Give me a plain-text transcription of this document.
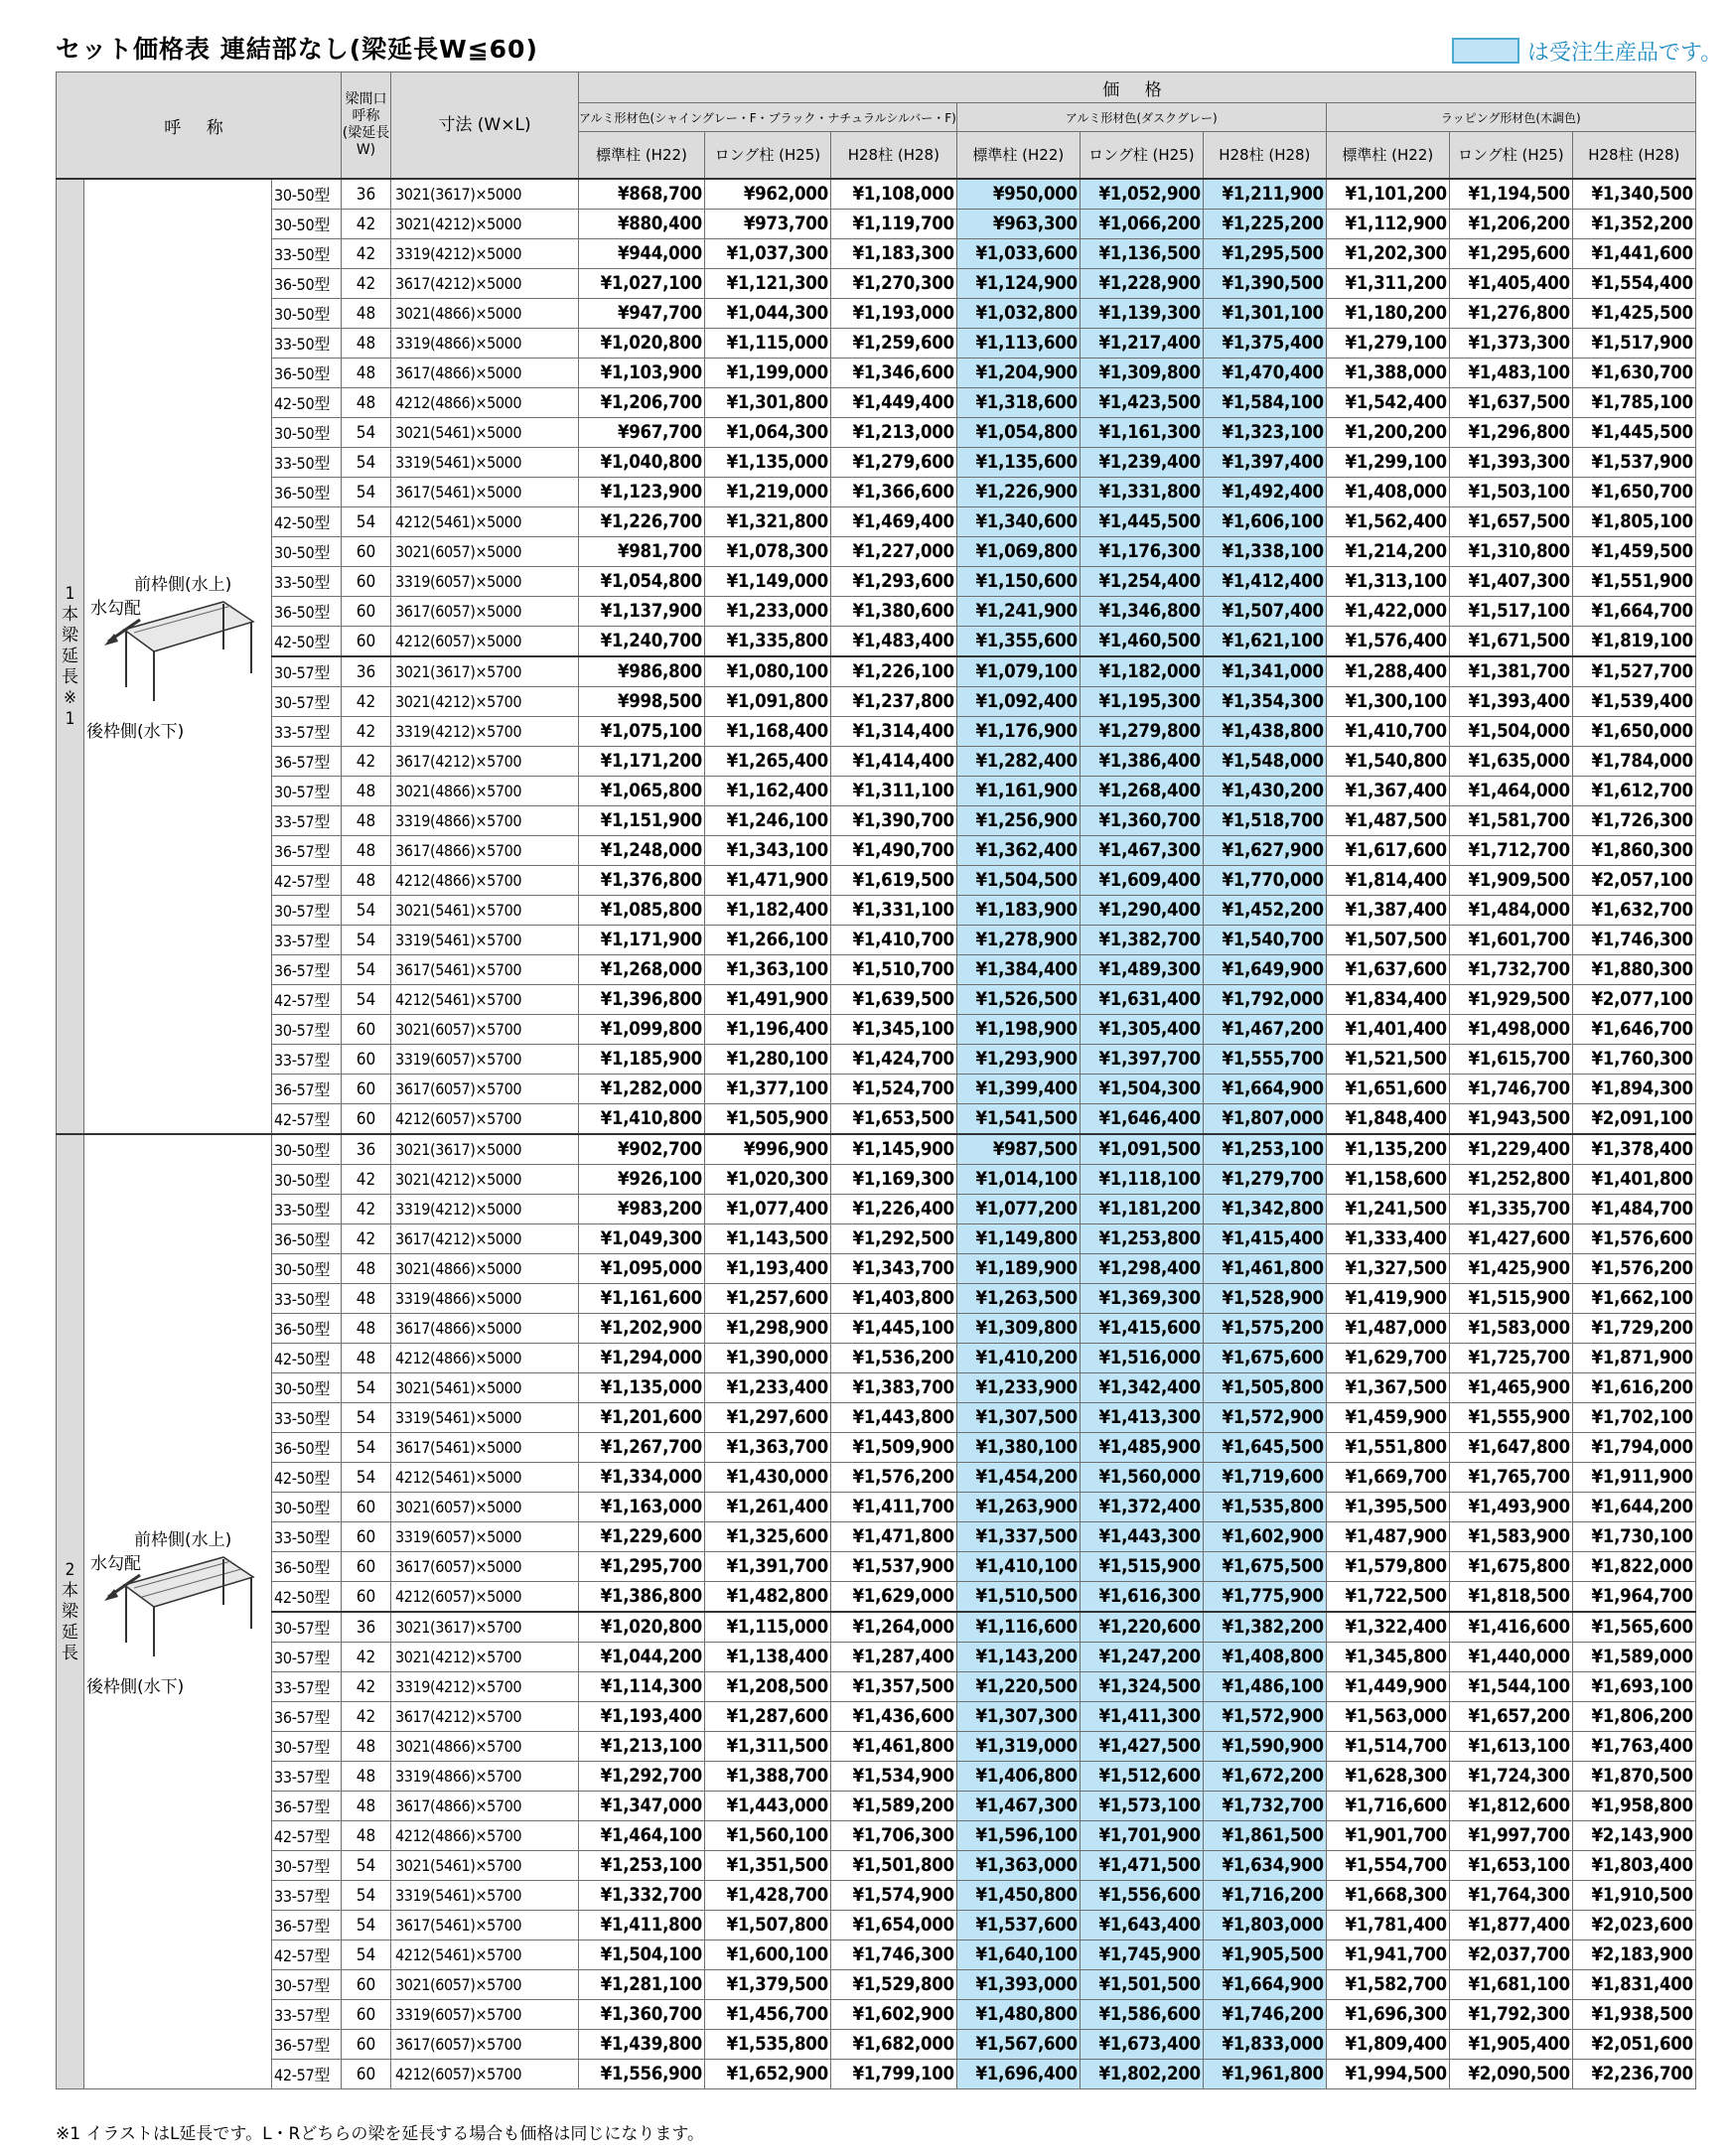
セット価格表 連結部なし(梁延長W≦60)	は受注生産品です。
呼 称			梁間口 呼称 (梁延長W)	寸法 (W×L)	価 格								
					アルミ形材色(シャイングレー・F・ブラック・ナチュラルシルバー・F)			アルミ形材色(ダスクグレー)			ラッピング形材色(木調色)		
					標準柱 (H22)	ロング柱 (H25)	H28柱 (H28)	標準柱 (H22)	ロング柱 (H25)	H28柱 (H28)	標準柱 (H22)	ロング柱 (H25)	H28柱 (H28)

1本梁延長※1	前枠側(水上)
水勾配
後枠側(水下)	30-50型	36	3021(3617)×5000	¥868,700	¥962,000	¥1,108,000	¥950,000	¥1,052,900	¥1,211,900	¥1,101,200	¥1,194,500	¥1,340,500
		30-50型	42	3021(4212)×5000	¥880,400	¥973,700	¥1,119,700	¥963,300	¥1,066,200	¥1,225,200	¥1,112,900	¥1,206,200	¥1,352,200
		33-50型	42	3319(4212)×5000	¥944,000	¥1,037,300	¥1,183,300	¥1,033,600	¥1,136,500	¥1,295,500	¥1,202,300	¥1,295,600	¥1,441,600
		36-50型	42	3617(4212)×5000	¥1,027,100	¥1,121,300	¥1,270,300	¥1,124,900	¥1,228,900	¥1,390,500	¥1,311,200	¥1,405,400	¥1,554,400
		30-50型	48	3021(4866)×5000	¥947,700	¥1,044,300	¥1,193,000	¥1,032,800	¥1,139,300	¥1,301,100	¥1,180,200	¥1,276,800	¥1,425,500
		33-50型	48	3319(4866)×5000	¥1,020,800	¥1,115,000	¥1,259,600	¥1,113,600	¥1,217,400	¥1,375,400	¥1,279,100	¥1,373,300	¥1,517,900
		36-50型	48	3617(4866)×5000	¥1,103,900	¥1,199,000	¥1,346,600	¥1,204,900	¥1,309,800	¥1,470,400	¥1,388,000	¥1,483,100	¥1,630,700
		42-50型	48	4212(4866)×5000	¥1,206,700	¥1,301,800	¥1,449,400	¥1,318,600	¥1,423,500	¥1,584,100	¥1,542,400	¥1,637,500	¥1,785,100
		30-50型	54	3021(5461)×5000	¥967,700	¥1,064,300	¥1,213,000	¥1,054,800	¥1,161,300	¥1,323,100	¥1,200,200	¥1,296,800	¥1,445,500
		33-50型	54	3319(5461)×5000	¥1,040,800	¥1,135,000	¥1,279,600	¥1,135,600	¥1,239,400	¥1,397,400	¥1,299,100	¥1,393,300	¥1,537,900
		36-50型	54	3617(5461)×5000	¥1,123,900	¥1,219,000	¥1,366,600	¥1,226,900	¥1,331,800	¥1,492,400	¥1,408,000	¥1,503,100	¥1,650,700
		42-50型	54	4212(5461)×5000	¥1,226,700	¥1,321,800	¥1,469,400	¥1,340,600	¥1,445,500	¥1,606,100	¥1,562,400	¥1,657,500	¥1,805,100
		30-50型	60	3021(6057)×5000	¥981,700	¥1,078,300	¥1,227,000	¥1,069,800	¥1,176,300	¥1,338,100	¥1,214,200	¥1,310,800	¥1,459,500
		33-50型	60	3319(6057)×5000	¥1,054,800	¥1,149,000	¥1,293,600	¥1,150,600	¥1,254,400	¥1,412,400	¥1,313,100	¥1,407,300	¥1,551,900
		36-50型	60	3617(6057)×5000	¥1,137,900	¥1,233,000	¥1,380,600	¥1,241,900	¥1,346,800	¥1,507,400	¥1,422,000	¥1,517,100	¥1,664,700
		42-50型	60	4212(6057)×5000	¥1,240,700	¥1,335,800	¥1,483,400	¥1,355,600	¥1,460,500	¥1,621,100	¥1,576,400	¥1,671,500	¥1,819,100
		30-57型	36	3021(3617)×5700	¥986,800	¥1,080,100	¥1,226,100	¥1,079,100	¥1,182,000	¥1,341,000	¥1,288,400	¥1,381,700	¥1,527,700
		30-57型	42	3021(4212)×5700	¥998,500	¥1,091,800	¥1,237,800	¥1,092,400	¥1,195,300	¥1,354,300	¥1,300,100	¥1,393,400	¥1,539,400
		33-57型	42	3319(4212)×5700	¥1,075,100	¥1,168,400	¥1,314,400	¥1,176,900	¥1,279,800	¥1,438,800	¥1,410,700	¥1,504,000	¥1,650,000
		36-57型	42	3617(4212)×5700	¥1,171,200	¥1,265,400	¥1,414,400	¥1,282,400	¥1,386,400	¥1,548,000	¥1,540,800	¥1,635,000	¥1,784,000
		30-57型	48	3021(4866)×5700	¥1,065,800	¥1,162,400	¥1,311,100	¥1,161,900	¥1,268,400	¥1,430,200	¥1,367,400	¥1,464,000	¥1,612,700
		33-57型	48	3319(4866)×5700	¥1,151,900	¥1,246,100	¥1,390,700	¥1,256,900	¥1,360,700	¥1,518,700	¥1,487,500	¥1,581,700	¥1,726,300
		36-57型	48	3617(4866)×5700	¥1,248,000	¥1,343,100	¥1,490,700	¥1,362,400	¥1,467,300	¥1,627,900	¥1,617,600	¥1,712,700	¥1,860,300
		42-57型	48	4212(4866)×5700	¥1,376,800	¥1,471,900	¥1,619,500	¥1,504,500	¥1,609,400	¥1,770,000	¥1,814,400	¥1,909,500	¥2,057,100
		30-57型	54	3021(5461)×5700	¥1,085,800	¥1,182,400	¥1,331,100	¥1,183,900	¥1,290,400	¥1,452,200	¥1,387,400	¥1,484,000	¥1,632,700
		33-57型	54	3319(5461)×5700	¥1,171,900	¥1,266,100	¥1,410,700	¥1,278,900	¥1,382,700	¥1,540,700	¥1,507,500	¥1,601,700	¥1,746,300
		36-57型	54	3617(5461)×5700	¥1,268,000	¥1,363,100	¥1,510,700	¥1,384,400	¥1,489,300	¥1,649,900	¥1,637,600	¥1,732,700	¥1,880,300
		42-57型	54	4212(5461)×5700	¥1,396,800	¥1,491,900	¥1,639,500	¥1,526,500	¥1,631,400	¥1,792,000	¥1,834,400	¥1,929,500	¥2,077,100
		30-57型	60	3021(6057)×5700	¥1,099,800	¥1,196,400	¥1,345,100	¥1,198,900	¥1,305,400	¥1,467,200	¥1,401,400	¥1,498,000	¥1,646,700
		33-57型	60	3319(6057)×5700	¥1,185,900	¥1,280,100	¥1,424,700	¥1,293,900	¥1,397,700	¥1,555,700	¥1,521,500	¥1,615,700	¥1,760,300
		36-57型	60	3617(6057)×5700	¥1,282,000	¥1,377,100	¥1,524,700	¥1,399,400	¥1,504,300	¥1,664,900	¥1,651,600	¥1,746,700	¥1,894,300
		42-57型	60	4212(6057)×5700	¥1,410,800	¥1,505,900	¥1,653,500	¥1,541,500	¥1,646,400	¥1,807,000	¥1,848,400	¥1,943,500	¥2,091,100

2本梁延長	前枠側(水上)
水勾配
後枠側(水下)	30-50型	36	3021(3617)×5000	¥902,700	¥996,900	¥1,145,900	¥987,500	¥1,091,500	¥1,253,100	¥1,135,200	¥1,229,400	¥1,378,400
		30-50型	42	3021(4212)×5000	¥926,100	¥1,020,300	¥1,169,300	¥1,014,100	¥1,118,100	¥1,279,700	¥1,158,600	¥1,252,800	¥1,401,800
		33-50型	42	3319(4212)×5000	¥983,200	¥1,077,400	¥1,226,400	¥1,077,200	¥1,181,200	¥1,342,800	¥1,241,500	¥1,335,700	¥1,484,700
		36-50型	42	3617(4212)×5000	¥1,049,300	¥1,143,500	¥1,292,500	¥1,149,800	¥1,253,800	¥1,415,400	¥1,333,400	¥1,427,600	¥1,576,600
		30-50型	48	3021(4866)×5000	¥1,095,000	¥1,193,400	¥1,343,700	¥1,189,900	¥1,298,400	¥1,461,800	¥1,327,500	¥1,425,900	¥1,576,200
		33-50型	48	3319(4866)×5000	¥1,161,600	¥1,257,600	¥1,403,800	¥1,263,500	¥1,369,300	¥1,528,900	¥1,419,900	¥1,515,900	¥1,662,100
		36-50型	48	3617(4866)×5000	¥1,202,900	¥1,298,900	¥1,445,100	¥1,309,800	¥1,415,600	¥1,575,200	¥1,487,000	¥1,583,000	¥1,729,200
		42-50型	48	4212(4866)×5000	¥1,294,000	¥1,390,000	¥1,536,200	¥1,410,200	¥1,516,000	¥1,675,600	¥1,629,700	¥1,725,700	¥1,871,900
		30-50型	54	3021(5461)×5000	¥1,135,000	¥1,233,400	¥1,383,700	¥1,233,900	¥1,342,400	¥1,505,800	¥1,367,500	¥1,465,900	¥1,616,200
		33-50型	54	3319(5461)×5000	¥1,201,600	¥1,297,600	¥1,443,800	¥1,307,500	¥1,413,300	¥1,572,900	¥1,459,900	¥1,555,900	¥1,702,100
		36-50型	54	3617(5461)×5000	¥1,267,700	¥1,363,700	¥1,509,900	¥1,380,100	¥1,485,900	¥1,645,500	¥1,551,800	¥1,647,800	¥1,794,000
		42-50型	54	4212(5461)×5000	¥1,334,000	¥1,430,000	¥1,576,200	¥1,454,200	¥1,560,000	¥1,719,600	¥1,669,700	¥1,765,700	¥1,911,900
		30-50型	60	3021(6057)×5000	¥1,163,000	¥1,261,400	¥1,411,700	¥1,263,900	¥1,372,400	¥1,535,800	¥1,395,500	¥1,493,900	¥1,644,200
		33-50型	60	3319(6057)×5000	¥1,229,600	¥1,325,600	¥1,471,800	¥1,337,500	¥1,443,300	¥1,602,900	¥1,487,900	¥1,583,900	¥1,730,100
		36-50型	60	3617(6057)×5000	¥1,295,700	¥1,391,700	¥1,537,900	¥1,410,100	¥1,515,900	¥1,675,500	¥1,579,800	¥1,675,800	¥1,822,000
		42-50型	60	4212(6057)×5000	¥1,386,800	¥1,482,800	¥1,629,000	¥1,510,500	¥1,616,300	¥1,775,900	¥1,722,500	¥1,818,500	¥1,964,700
		30-57型	36	3021(3617)×5700	¥1,020,800	¥1,115,000	¥1,264,000	¥1,116,600	¥1,220,600	¥1,382,200	¥1,322,400	¥1,416,600	¥1,565,600
		30-57型	42	3021(4212)×5700	¥1,044,200	¥1,138,400	¥1,287,400	¥1,143,200	¥1,247,200	¥1,408,800	¥1,345,800	¥1,440,000	¥1,589,000
		33-57型	42	3319(4212)×5700	¥1,114,300	¥1,208,500	¥1,357,500	¥1,220,500	¥1,324,500	¥1,486,100	¥1,449,900	¥1,544,100	¥1,693,100
		36-57型	42	3617(4212)×5700	¥1,193,400	¥1,287,600	¥1,436,600	¥1,307,300	¥1,411,300	¥1,572,900	¥1,563,000	¥1,657,200	¥1,806,200
		30-57型	48	3021(4866)×5700	¥1,213,100	¥1,311,500	¥1,461,800	¥1,319,000	¥1,427,500	¥1,590,900	¥1,514,700	¥1,613,100	¥1,763,400
		33-57型	48	3319(4866)×5700	¥1,292,700	¥1,388,700	¥1,534,900	¥1,406,800	¥1,512,600	¥1,672,200	¥1,628,300	¥1,724,300	¥1,870,500
		36-57型	48	3617(4866)×5700	¥1,347,000	¥1,443,000	¥1,589,200	¥1,467,300	¥1,573,100	¥1,732,700	¥1,716,600	¥1,812,600	¥1,958,800
		42-57型	48	4212(4866)×5700	¥1,464,100	¥1,560,100	¥1,706,300	¥1,596,100	¥1,701,900	¥1,861,500	¥1,901,700	¥1,997,700	¥2,143,900
		30-57型	54	3021(5461)×5700	¥1,253,100	¥1,351,500	¥1,501,800	¥1,363,000	¥1,471,500	¥1,634,900	¥1,554,700	¥1,653,100	¥1,803,400
		33-57型	54	3319(5461)×5700	¥1,332,700	¥1,428,700	¥1,574,900	¥1,450,800	¥1,556,600	¥1,716,200	¥1,668,300	¥1,764,300	¥1,910,500
		36-57型	54	3617(5461)×5700	¥1,411,800	¥1,507,800	¥1,654,000	¥1,537,600	¥1,643,400	¥1,803,000	¥1,781,400	¥1,877,400	¥2,023,600
		42-57型	54	4212(5461)×5700	¥1,504,100	¥1,600,100	¥1,746,300	¥1,640,100	¥1,745,900	¥1,905,500	¥1,941,700	¥2,037,700	¥2,183,900
		30-57型	60	3021(6057)×5700	¥1,281,100	¥1,379,500	¥1,529,800	¥1,393,000	¥1,501,500	¥1,664,900	¥1,582,700	¥1,681,100	¥1,831,400
		33-57型	60	3319(6057)×5700	¥1,360,700	¥1,456,700	¥1,602,900	¥1,480,800	¥1,586,600	¥1,746,200	¥1,696,300	¥1,792,300	¥1,938,500
		36-57型	60	3617(6057)×5700	¥1,439,800	¥1,535,800	¥1,682,000	¥1,567,600	¥1,673,400	¥1,833,000	¥1,809,400	¥1,905,400	¥2,051,600
		42-57型	60	4212(6057)×5700	¥1,556,900	¥1,652,900	¥1,799,100	¥1,696,400	¥1,802,200	¥1,961,800	¥1,994,500	¥2,090,500	¥2,236,700
※1 イラストはL延長です。L・Rどちらの梁を延長する場合も価格は同じになります。
